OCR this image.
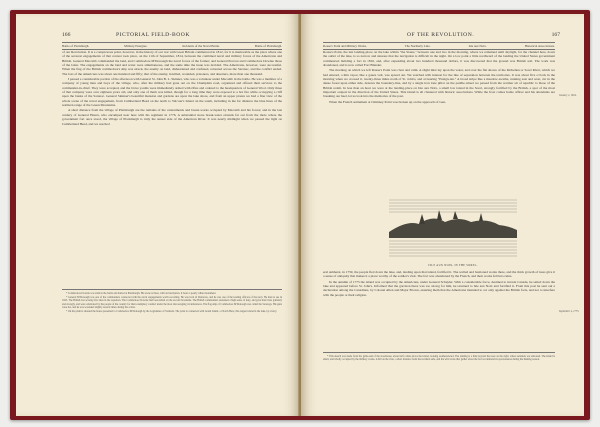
166	PICTORIAL FIELD-BOOK
Battle of Plattsburgh.	Military Energies.	Incidents of the Naval Battle.	Battle of Plattsburgh.

of our Revolution. It is a conspicuous point, however, in the history of our war with Great Britain commenced in 1812, for it is memorable as the place where one of the severest engagements of that contest took place, on the 11th of September, 1814, between the combined naval and military forces of the Americans and British. General Macomb commanded the land, and Commodore M'Donough the naval forces of the former; and General Prevost and Commodore Downie those of the latter. The engagements on the land and water were simultaneous, and the same time the issue was decided. The Americans, however, were successful. When the flag of the British commodore's ship was struck, the enemy on land, disheartened and confused, retreated across the Saranac, and the conflict ended. The loss of the Americans was about one hundred and fifty; that of the enemy, in killed, wounded, prisoners, and deserters, more than one thousand.

I passed a considerable portion of the afternoon with General St. John B. L. Skinner, who was a volunteer under Macomb in the battle. He was a member of a company of young men and boys of the village, who, after the military had gone out on the Champlain road, organized and offered their services to the commander-in-chief. They were accepted, and the brave youths were immediately armed with rifles and ordered to the headquarters of General Wool. Only three of that company were over eighteen years old, and only one of them was killed, though for a long time they were exposed to a hot fire while occupying a cliff upon the banks of the Saranac. General Skinner's beautiful mansion and gardens are upon the lake shore, and from an upper piazza we had a fine view of the whole scene of the naval engagement, from Cumberland Head on the north to Valcour's Island on the south, including in the far distance the blue lines of the northern range of the Green Mountains.

A short distance from the village of Plattsburgh are the remains of the cantonments and breast-works occupied by Macomb and his forces; and in the last century of General Hazen, who encamped near here with his regiment in 1776. A substantial stone break-water extends far out from the mole where the government fort once stood, the village of Plattsburgh is truly the sunset side of the American River. It was nearly midnight when we passed the light on Cumberland Head, and we reached

* Commodore Downie was slain in the battle and buried at Plattsburgh. His stone is there, with an inscription. It bears a pearly white monument.

* General M'Donough was one of the commanders connected with the naval engagements worth recording. He was born in Delaware, and he was one of the leading officers of the navy. He died at sea in 1825. The British lost seventy-five men in the squadron. The Commodore Downie had been killed on the second broadside. The British commanders sustained a high sense of duty, and gave their lives gallantly and strongly, and were celebrated by the people of the country for their exemplary conduct under the most discouraging circumstances. The flag-ship of Commodore M'Donough was called the Saratoga. His guns were hot, and he was wounded slightly several times during the action.

* On the plain is situated the house presented to Commodore M'Donough by the Legislature of Vermont. The point is connected with Grand Island, or North Hero; this largest island in the lake, by a ferry.

OF THE REVOLUTION.	167
Rouse's Point and Military Works.	The Northerly Line.	Isle aux Noix.	Historical Associations.

Rouse's Point, the last landing-place on the lake within "the States," between one and two in the morning, where we remained until daylight, for the channel here, down the outlet of the lake, is so narrow and sinuous that the navigation is difficult in the night. On a low point a little northward of the landing the United States government commenced building a fort in 1816, and, after expending about two hundred thousand dollars, it was discovered that the ground was British soil. The work was abandoned, and is now called Fort Blunder.

The morning on which we left Rouse's Point was clear and calm. A slight mist lay upon the water, and over the flat shores of the Richelieu or Sorel River, which we had entered, a thin vapor, like a gauze veil, was spread out. We watched with interest for the line of separation between the territories. It was about five o'clock in the morning when we crossed it, twenty-three miles north of St. John's, and at bearing "Ensign-ian." A broad stripe like a meadow-swathe, running east and west, cut in the dense forest upon either side, denotes the boundary-line, and by a single iron lone pillar on the paddle-wheel we passed from the warmer air of republic to those of the British realm. In less than an hour we were at the landing-place on Isle aux Noix, a small low island in the Sorel, strongly fortified by the British, a spot of the most important outpost in the direction of the United States. This island is all clustered with historic associations. While the frost comes home officer and his attendants are breaking our heel, let us look into the memories of the past.

When the French settlement at Chimney Point was broken up on the approach of Gen-

January 2, 1824.
ISLE AUX NOIX, IN THE SOREL.

eral Amherst, in 1759, the people fled down the lake, and, landing upon that island, fortified it. The walled and bastioned works there, and the thick growth of trees give it a sense of antiquity that makes it a place worthy of the soldier's visit. The fort was abandoned by the French, and their works fell into ruins.

In the autumn of 1775 the island was occupied by the Americans, under General Schuyler. With a considerable force, destined to invade Canada, he sailed down the lake and appeared before St. John's. Informed that the garrison there was too strong for him, he returned to Isle aux Noix and fortified it. From this post he sent out a declaration among the Canadians, by Colonel Allen and Major Brown, assuring them that the Americans intended to act only against the British forts, and not to interfere with the people or their religion.

September 4, 1775.

* This sketch was made from the gable-end of the storehouse, about half a mile above the island, looking southeastward. The landing is a little beyond the trees on the right, where sentinels are stationed. The island is small, and wholly occupied by the military works. A hill on the river, a short distance from the northern side, and the wild rocks that gather about the fort recommend its spaciousness during the hunting season.
